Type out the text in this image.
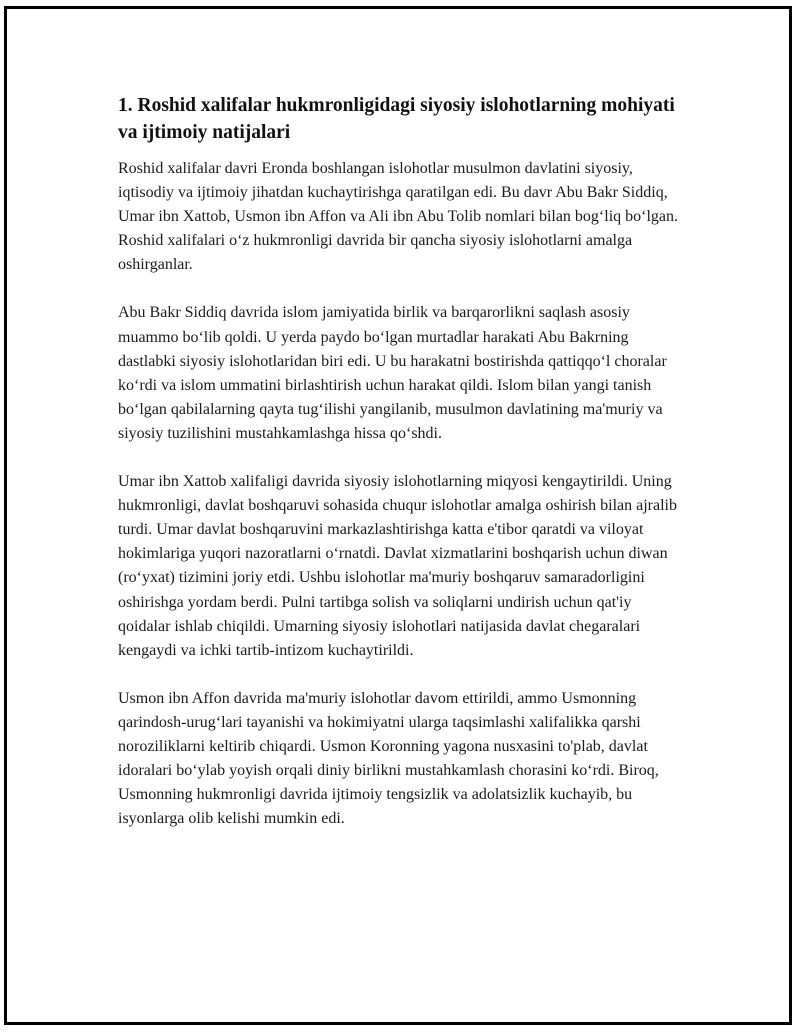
1. Roshid xalifalar hukmronligidagi siyosiy islohotlarning mohiyati va ijtimoiy natijalari

Roshid xalifalar davri Eronda boshlangan islohotlar musulmon davlatini siyosiy, iqtisodiy va ijtimoiy jihatdan kuchaytirishga qaratilgan edi. Bu davr Abu Bakr Siddiq, Umar ibn Xattob, Usmon ibn Affon va Ali ibn Abu Tolib nomlari bilan bog‘liq bo‘lgan. Roshid xalifalari o‘z hukmronligi davrida bir qancha siyosiy islohotlarni amalga oshirganlar.

Abu Bakr Siddiq davrida islom jamiyatida birlik va barqarorlikni saqlash asosiy muammo bo‘lib qoldi. U yerda paydo bo‘lgan murtadlar harakati Abu Bakrning dastlabki siyosiy islohotlaridan biri edi. U bu harakatni bostirishda qattiqqo‘l choralar ko‘rdi va islom ummatini birlashtirish uchun harakat qildi. Islom bilan yangi tanish bo‘lgan qabilalarning qayta tug‘ilishi yangilanib, musulmon davlatining ma'muriy va siyosiy tuzilishini mustahkamlashga hissa qo‘shdi.

Umar ibn Xattob xalifaligi davrida siyosiy islohotlarning miqyosi kengaytirildi. Uning hukmronligi, davlat boshqaruvi sohasida chuqur islohotlar amalga oshirish bilan ajralib turdi. Umar davlat boshqaruvini markazlashtirishga katta e'tibor qaratdi va viloyat hokimlariga yuqori nazoratlarni o‘rnatdi. Davlat xizmatlarini boshqarish uchun diwan (ro‘yxat) tizimini joriy etdi. Ushbu islohotlar ma'muriy boshqaruv samaradorligini oshirishga yordam berdi. Pulni tartibga solish va soliqlarni undirish uchun qat'iy qoidalar ishlab chiqildi. Umarning siyosiy islohotlari natijasida davlat chegaralari kengaydi va ichki tartib-intizom kuchaytirildi.

Usmon ibn Affon davrida ma'muriy islohotlar davom ettirildi, ammo Usmonning qarindosh-urug‘lari tayanishi va hokimiyatni ularga taqsimlashi xalifalikka qarshi noroziliklarni keltirib chiqardi. Usmon Koronning yagona nusxasini to'plab, davlat idoralari bo‘ylab yoyish orqali diniy birlikni mustahkamlash chorasini ko‘rdi. Biroq, Usmonning hukmronligi davrida ijtimoiy tengsizlik va adolatsizlik kuchayib, bu isyonlarga olib kelishi mumkin edi.
